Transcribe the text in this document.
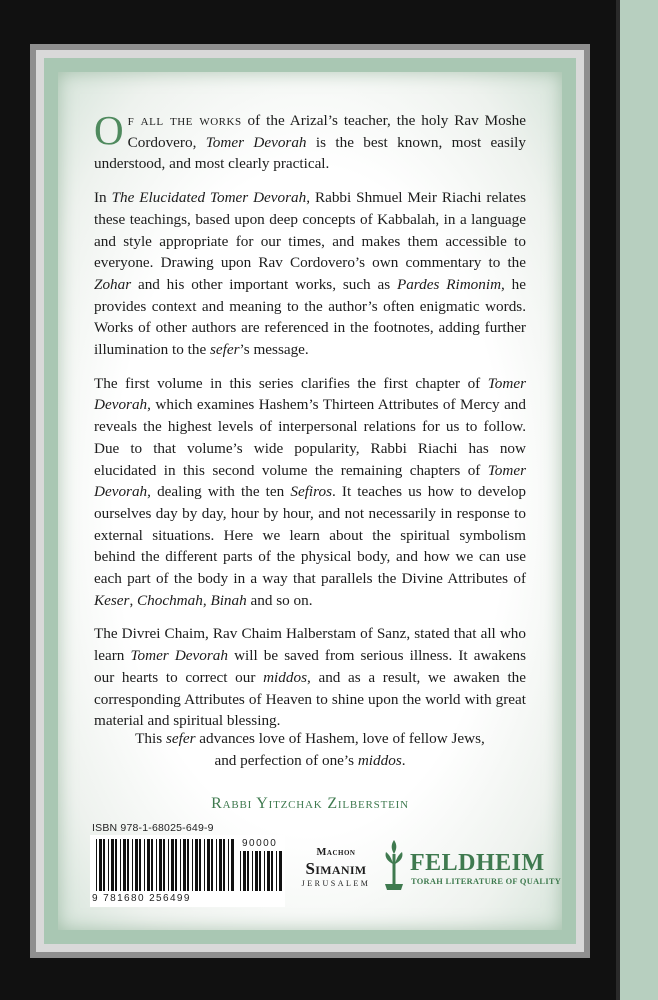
Of all the works of the Arizal’s teacher, the holy Rav Moshe Cordovero, Tomer Devorah is the best known, most easily understood, and most clearly practical.

In The Elucidated Tomer Devorah, Rabbi Shmuel Meir Riachi relates these teachings, based upon deep concepts of Kabbalah, in a language and style appropriate for our times, and makes them accessible to everyone. Drawing upon Rav Cordovero’s own commentary to the Zohar and his other important works, such as Pardes Rimonim, he provides context and meaning to the author’s often enigmatic words. Works of other authors are referenced in the footnotes, adding further illumination to the sefer’s message.

The first volume in this series clarifies the first chapter of Tomer Devorah, which examines Hashem’s Thirteen Attributes of Mercy and reveals the highest levels of interpersonal relations for us to follow. Due to that volume’s wide popularity, Rabbi Riachi has now elucidated in this second volume the remaining chapters of Tomer Devorah, dealing with the ten Sefiros. It teaches us how to develop ourselves day by day, hour by hour, and not necessarily in response to external situations. Here we learn about the spiritual symbolism behind the different parts of the physical body, and how we can use each part of the body in a way that parallels the Divine Attributes of Keser, Chochmah, Binah and so on.

The Divrei Chaim, Rav Chaim Halberstam of Sanz, stated that all who learn Tomer Devorah will be saved from serious illness. It awakens our hearts to correct our middos, and as a result, we awaken the corresponding Attributes of Heaven to shine upon the world with great material and spiritual blessing.

This sefer advances love of Hashem, love of fellow Jews,
and perfection of one’s middos.
Rabbi Yitzchak Zilberstein
ISBN 978-1-68025-649-9
9 781680 256499
90000
Machon
Simanim
JERUSALEM
FELDHEIM
TORAH LITERATURE OF QUALITY
